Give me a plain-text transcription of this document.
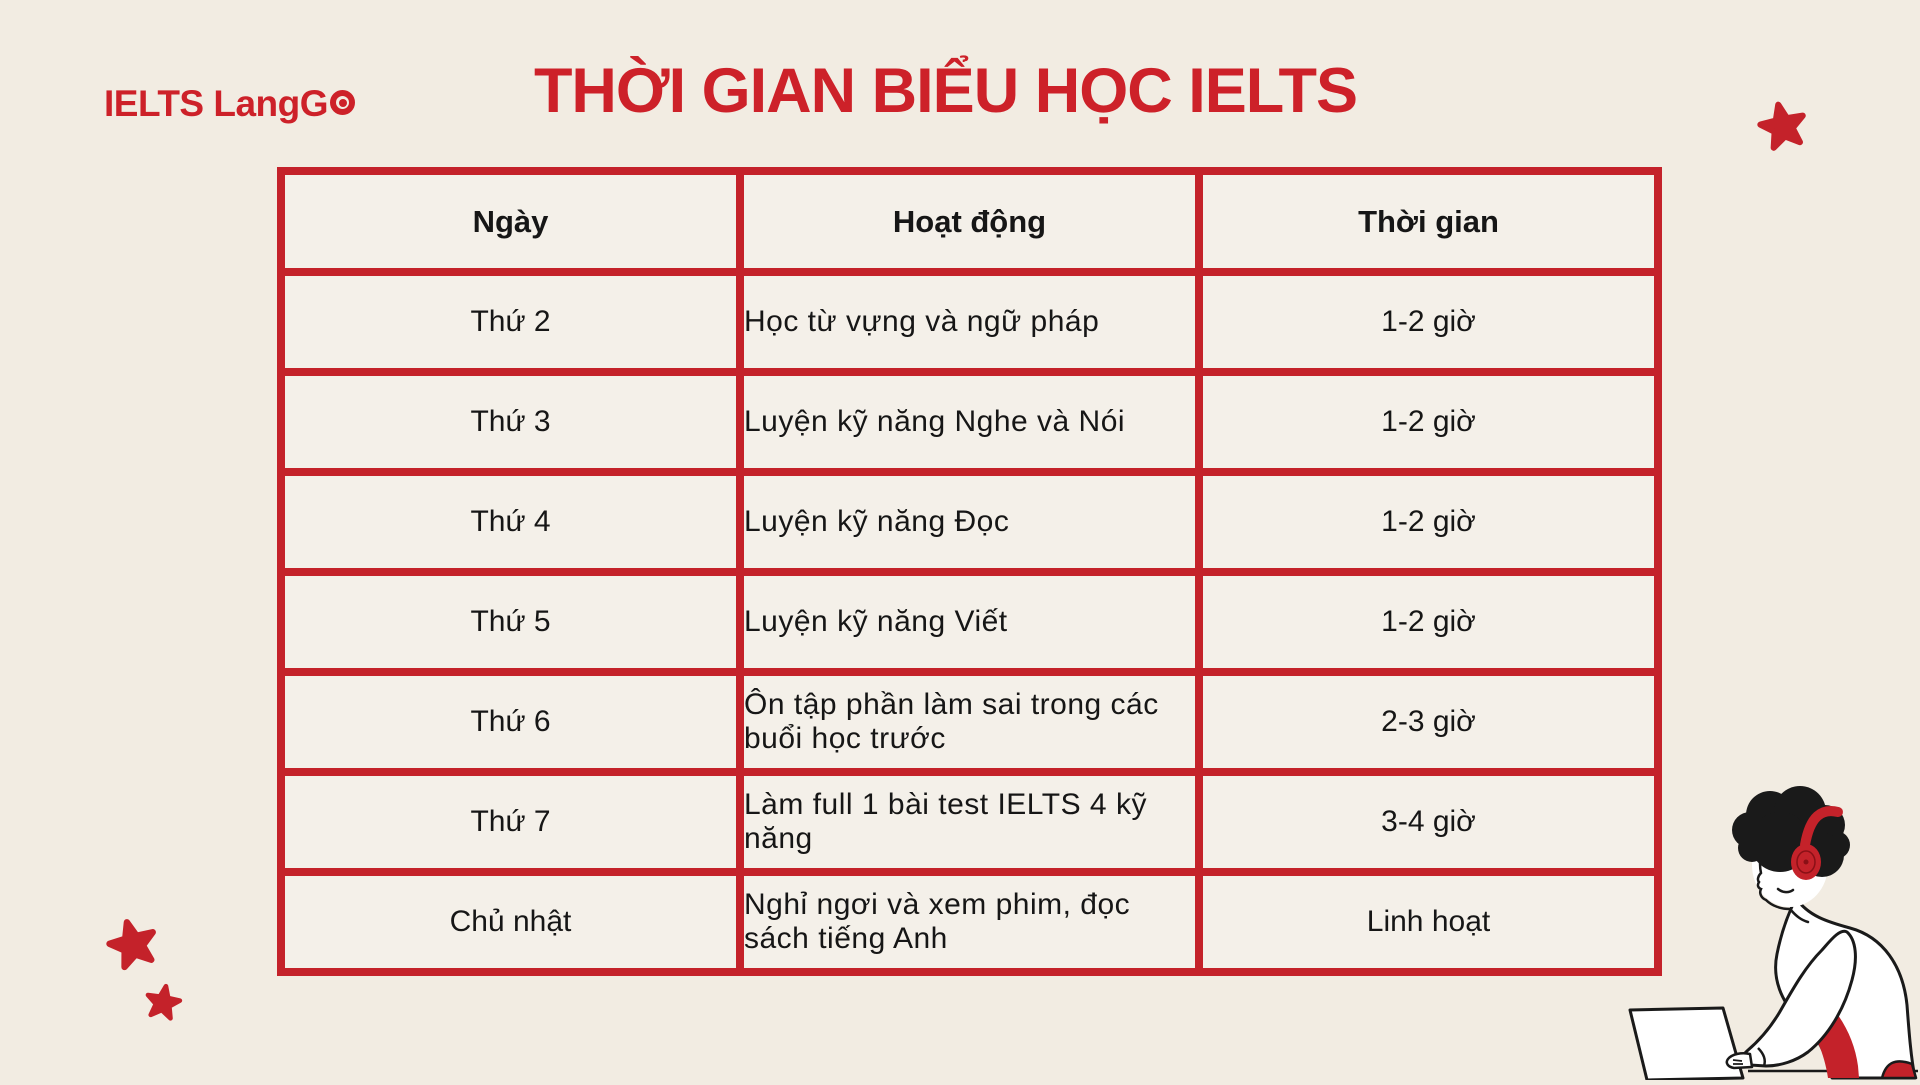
IELTS LangG	THỜI GIAN BIỂU HỌC IELTS
Ngày	Hoạt động	Thời gian
Thứ 2	Học từ vựng và ngữ pháp	1-2 giờ
Thứ 3	Luyện kỹ năng Nghe và Nói	1-2 giờ
Thứ 4	Luyện kỹ năng Đọc	1-2 giờ
Thứ 5	Luyện kỹ năng Viết	1-2 giờ
Thứ 6	Ôn tập phần làm sai trong các buổi học trước	2-3 giờ
Thứ 7	Làm full 1 bài test IELTS 4 kỹ năng	3-4 giờ
Chủ nhật	Nghỉ ngơi và xem phim, đọc sách tiếng Anh	Linh hoạt
